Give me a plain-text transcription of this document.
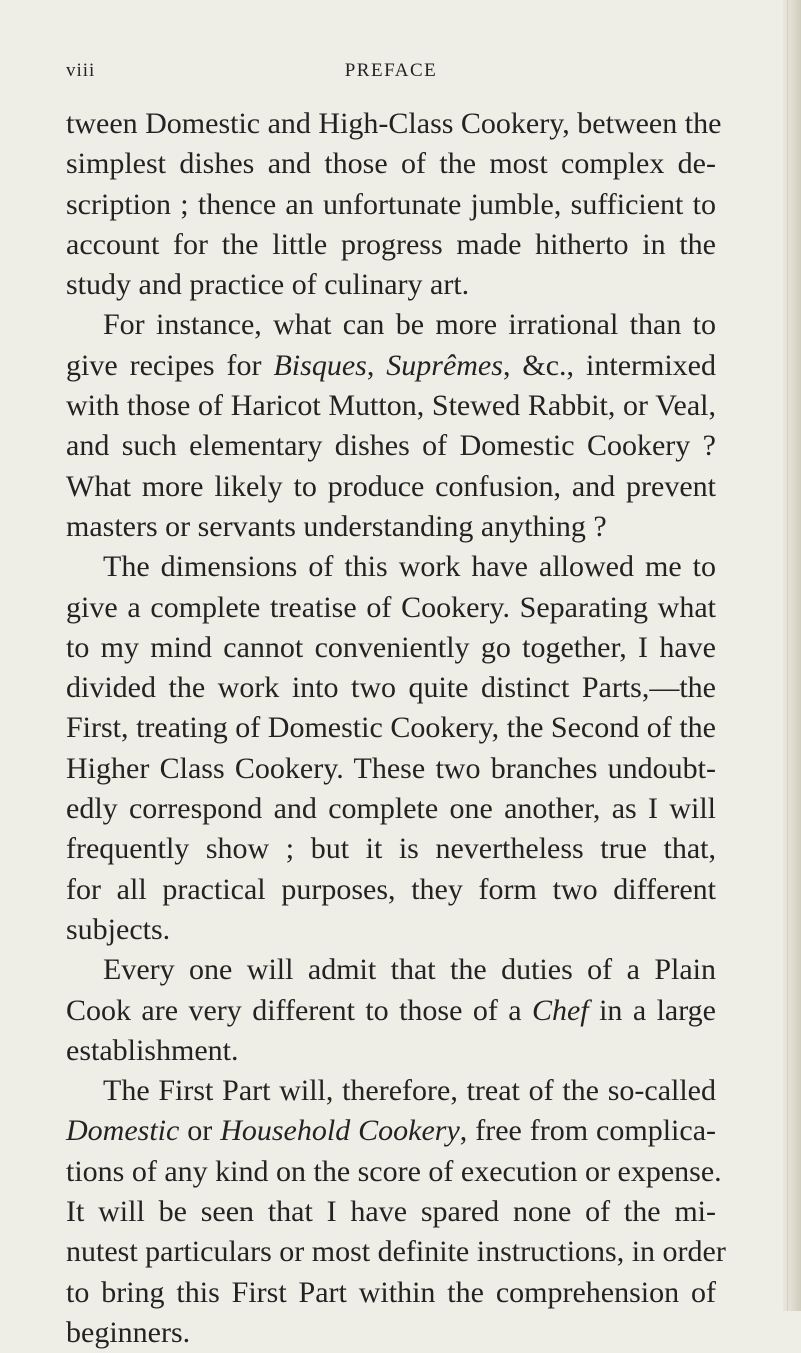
viii	PREFACE
tween Domestic and High-Class Cookery, between the
simplest dishes and those of the most complex de-
scription ; thence an unfortunate jumble, sufficient to
account for the little progress made hitherto in the
study and practice of culinary art.
For instance, what can be more irrational than to
give recipes for Bisques, Suprêmes, &c., intermixed
with those of Haricot Mutton, Stewed Rabbit, or Veal,
and such elementary dishes of Domestic Cookery ?
What more likely to produce confusion, and prevent
masters or servants understanding anything ?
The dimensions of this work have allowed me to
give a complete treatise of Cookery. Separating what
to my mind cannot conveniently go together, I have
divided the work into two quite distinct Parts,—the
First, treating of Domestic Cookery, the Second of the
Higher Class Cookery. These two branches undoubt-
edly correspond and complete one another, as I will
frequently show ; but it is nevertheless true that,
for all practical purposes, they form two different
subjects.
Every one will admit that the duties of a Plain
Cook are very different to those of a Chef in a large
establishment.
The First Part will, therefore, treat of the so-called
Domestic or Household Cookery, free from complica-
tions of any kind on the score of execution or expense.
It will be seen that I have spared none of the mi-
nutest particulars or most definite instructions, in order
to bring this First Part within the comprehension of
beginners.
